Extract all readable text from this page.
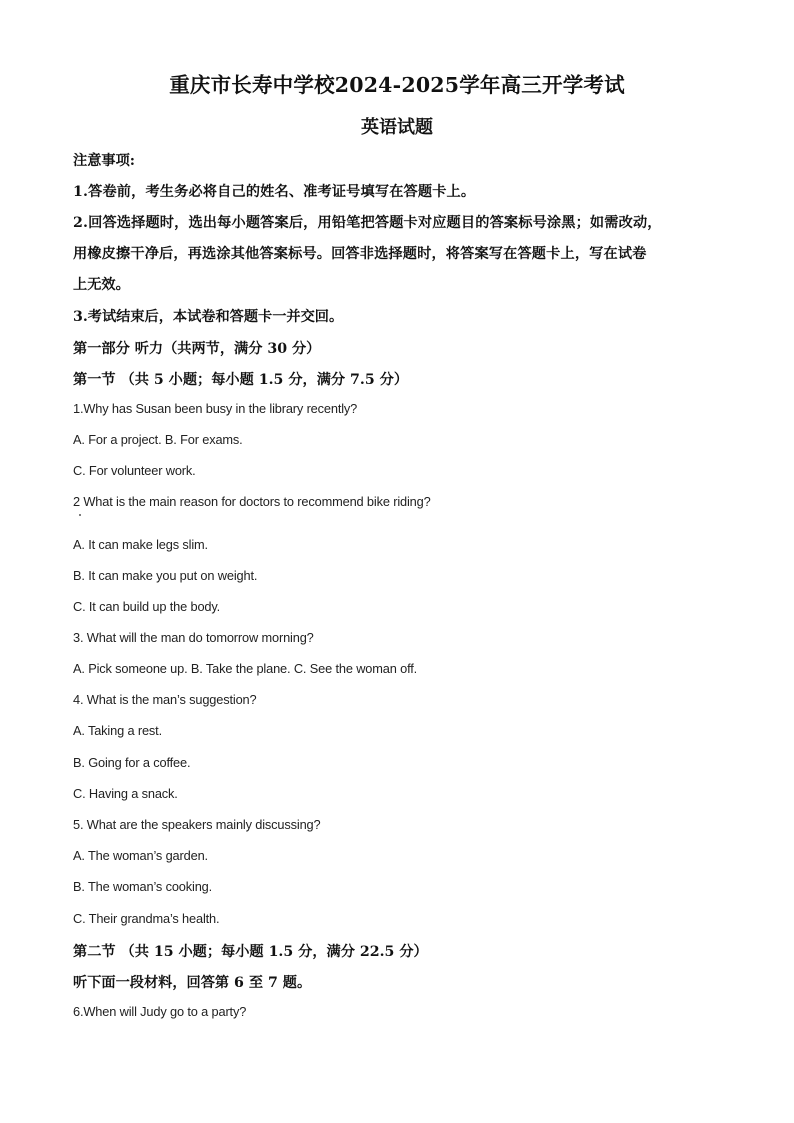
重庆市长寿中学校2024-2025学年高三开学考试
英语试题
注意事项:
1.答卷前，考生务必将自己的姓名、准考证号填写在答题卡上。
2.回答选择题时，选出每小题答案后，用铅笔把答题卡对应题目的答案标号涂黑；如需改动，
用橡皮擦干净后，再选涂其他答案标号。回答非选择题时，将答案写在答题卡上，写在试卷
上无效。
3.考试结束后，本试卷和答题卡一并交回。
第一部分 听力（共两节，满分 30 分）
第一节 （共 5 小题；每小题 1.5 分，满分 7.5 分）
1.Why has Susan been busy in the library recently?
A. For a project. B. For exams.
C. For volunteer work.
2 What is the main reason for doctors to recommend bike riding?
A. It can make legs slim.
B. It can make you put on weight.
C. It can build up the body.
3. What will the man do tomorrow morning?
A. Pick someone up. B. Take the plane. C. See the woman off.
4. What is the man’s suggestion?
A. Taking a rest.
B. Going for a coffee.
C. Having a snack.
5. What are the speakers mainly discussing?
A. The woman’s garden.
B. The woman’s cooking.
C. Their grandma’s health.
第二节 （共 15 小题；每小题 1.5 分，满分 22.5 分）
听下面一段材料，回答第 6 至 7 题。
6.When will Judy go to a party?
